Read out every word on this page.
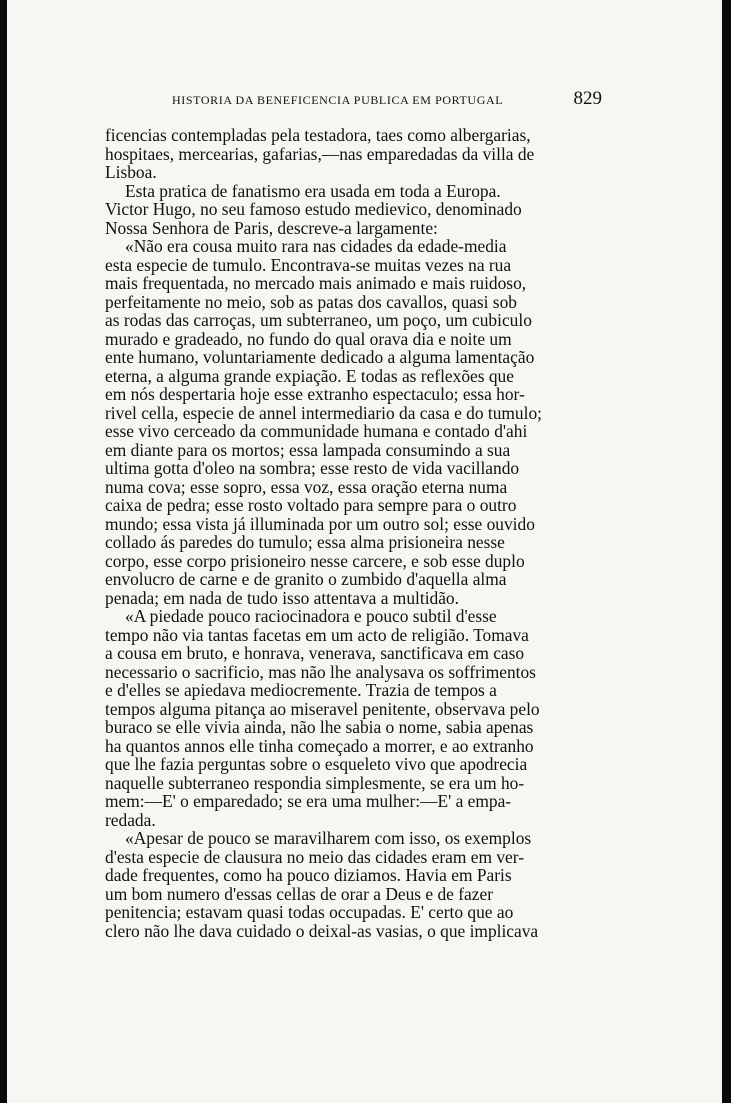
HISTORIA DA BENEFICENCIA PUBLICA EM PORTUGAL	829
ficencias contempladas pela testadora, taes como albergarias,
hospitaes, mercearias, gafarias,—nas emparedadas da villa de
Lisboa.
Esta pratica de fanatismo era usada em toda a Europa.
Victor Hugo, no seu famoso estudo medievico, denominado
Nossa Senhora de Paris, descreve-a largamente:
«Não era cousa muito rara nas cidades da edade-media
esta especie de tumulo. Encontrava-se muitas vezes na rua
mais frequentada, no mercado mais animado e mais ruidoso,
perfeitamente no meio, sob as patas dos cavallos, quasi sob
as rodas das carroças, um subterraneo, um poço, um cubiculo
murado e gradeado, no fundo do qual orava dia e noite um
ente humano, voluntariamente dedicado a alguma lamentação
eterna, a alguma grande expiação. E todas as reflexões que
em nós despertaria hoje esse extranho espectaculo; essa hor-
rivel cella, especie de annel intermediario da casa e do tumulo;
esse vivo cerceado da communidade humana e contado d'ahi
em diante para os mortos; essa lampada consumindo a sua
ultima gotta d'oleo na sombra; esse resto de vida vacillando
numa cova; esse sopro, essa voz, essa oração eterna numa
caixa de pedra; esse rosto voltado para sempre para o outro
mundo; essa vista já illuminada por um outro sol; esse ouvido
collado ás paredes do tumulo; essa alma prisioneira nesse
corpo, esse corpo prisioneiro nesse carcere, e sob esse duplo
envolucro de carne e de granito o zumbido d'aquella alma
penada; em nada de tudo isso attentava a multidão.
«A piedade pouco raciocinadora e pouco subtil d'esse
tempo não via tantas facetas em um acto de religião. Tomava
a cousa em bruto, e honrava, venerava, sanctificava em caso
necessario o sacrificio, mas não lhe analysava os soffrimentos
e d'elles se apiedava mediocremente. Trazia de tempos a
tempos alguma pitança ao miseravel penitente, observava pelo
buraco se elle vivia ainda, não lhe sabia o nome, sabia apenas
ha quantos annos elle tinha começado a morrer, e ao extranho
que lhe fazia perguntas sobre o esqueleto vivo que apodrecia
naquelle subterraneo respondia simplesmente, se era um ho-
mem:—E' o emparedado; se era uma mulher:—E' a empa-
redada.
«Apesar de pouco se maravilharem com isso, os exemplos
d'esta especie de clausura no meio das cidades eram em ver-
dade frequentes, como ha pouco diziamos. Havia em Paris
um bom numero d'essas cellas de orar a Deus e de fazer
penitencia; estavam quasi todas occupadas. E' certo que ao
clero não lhe dava cuidado o deixal-as vasias, o que implicava
